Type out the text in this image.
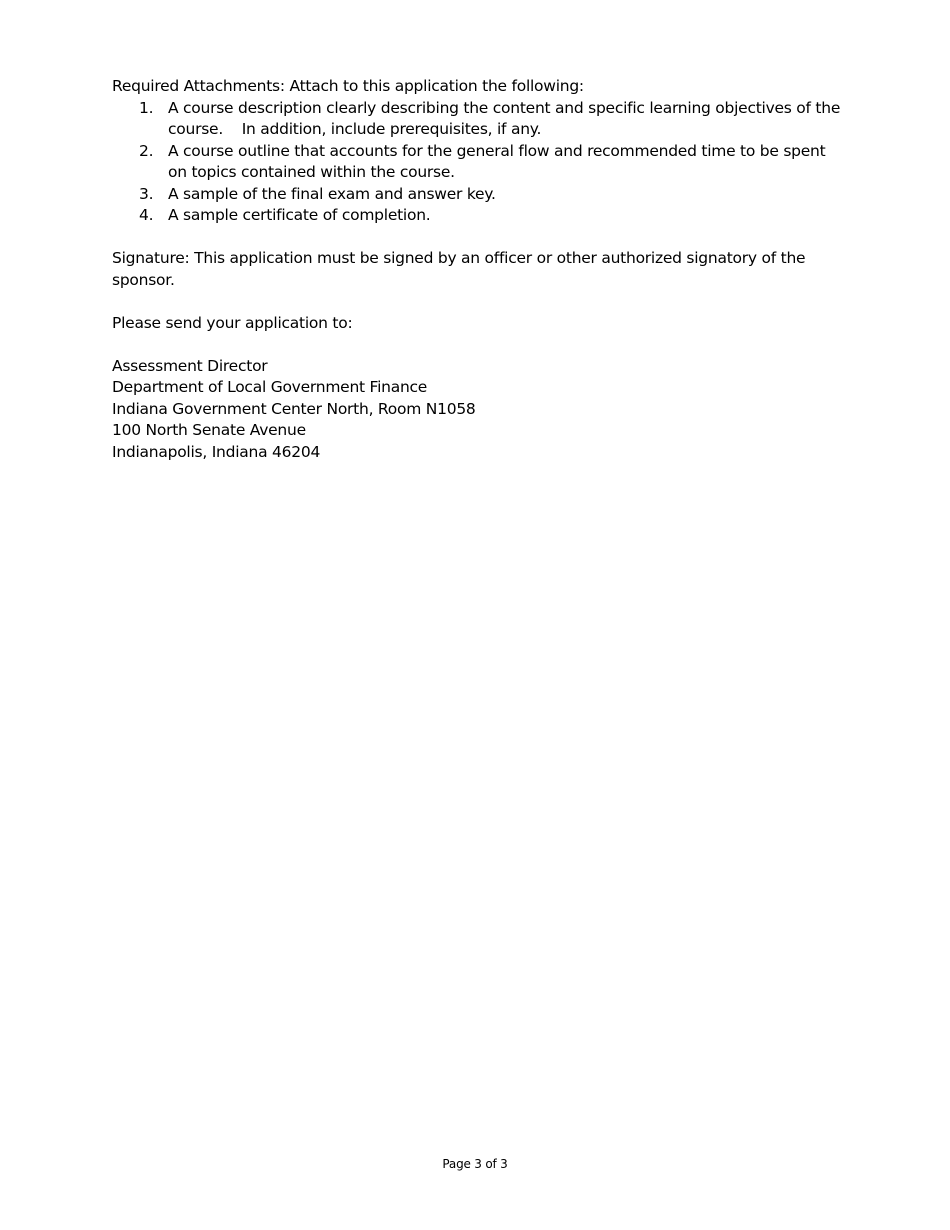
Required Attachments: Attach to this application the following:

1. A course description clearly describing the content and specific learning objectives of the course.    In addition, include prerequisites, if any.
2. A course outline that accounts for the general flow and recommended time to be spent on topics contained within the course.
3. A sample of the final exam and answer key.
4. A sample certificate of completion.

Signature: This application must be signed by an officer or other authorized signatory of the sponsor.

Please send your application to:

Assessment Director

Department of Local Government Finance

Indiana Government Center North, Room N1058

100 North Senate Avenue

Indianapolis, Indiana 46204

Page 3 of 3
